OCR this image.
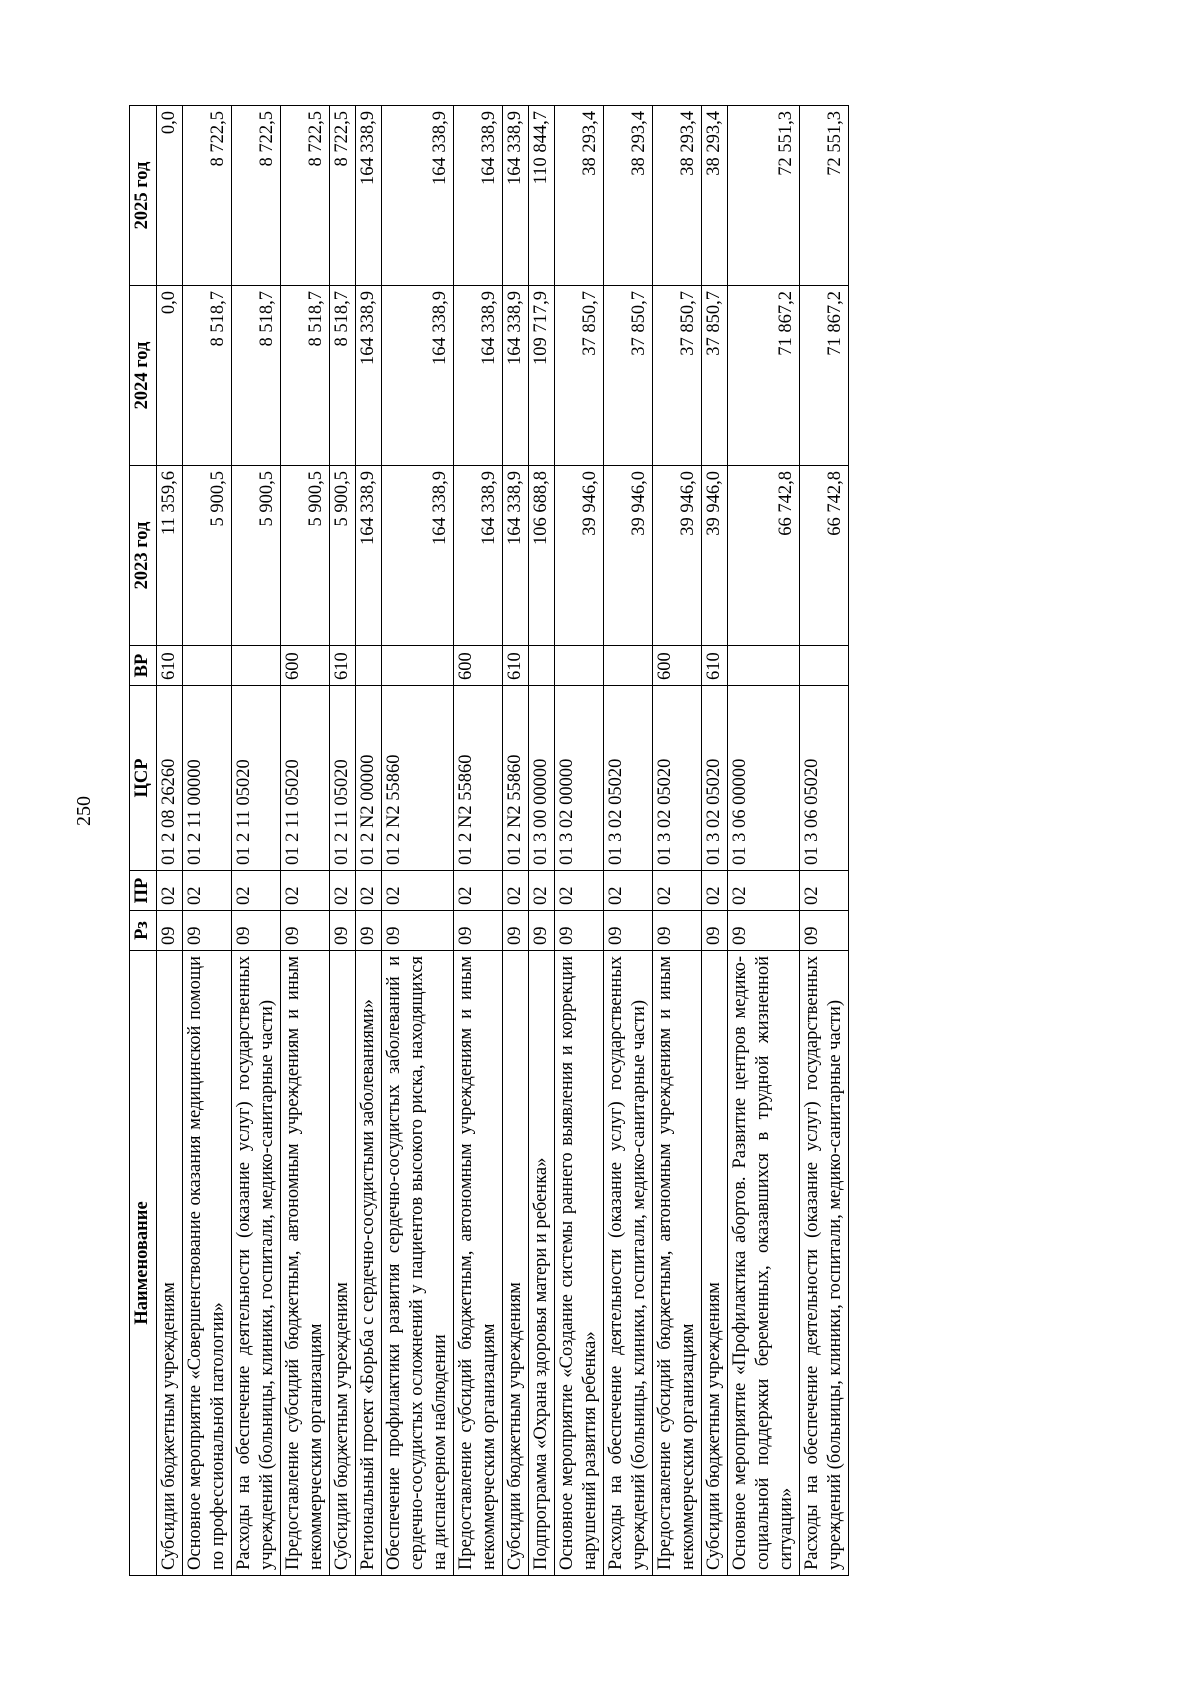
250
Наименование	Рз	ПР	ЦСР	ВР	2023 год	2024 год	2025 год
Субсидии бюджетным учреждениям	09	02	01 2 08 26260	610	11 359,6	0,0	0,0
Основное мероприятие «Совершенствование оказания медицинской помощи по профессиональной патологии»	09	02	01 2 11 00000		5 900,5	8 518,7	8 722,5
Расходы на обеспечение деятельности (оказание услуг) государственных учреждений (больницы, клиники, госпитали, медико-санитарные части)	09	02	01 2 11 05020		5 900,5	8 518,7	8 722,5
Предоставление субсидий бюджетным, автономным учреждениям и иным некоммерческим организациям	09	02	01 2 11 05020	600	5 900,5	8 518,7	8 722,5
Субсидии бюджетным учреждениям	09	02	01 2 11 05020	610	5 900,5	8 518,7	8 722,5
Региональный проект «Борьба с сердечно-сосудистыми заболеваниями»	09	02	01 2 N2 00000		164 338,9	164 338,9	164 338,9
Обеспечение профилактики развития сердечно-сосудистых заболеваний и сердечно-сосудистых осложнений у пациентов высокого риска, находящихся на диспансерном наблюдении	09	02	01 2 N2 55860		164 338,9	164 338,9	164 338,9
Предоставление субсидий бюджетным, автономным учреждениям и иным некоммерческим организациям	09	02	01 2 N2 55860	600	164 338,9	164 338,9	164 338,9
Субсидии бюджетным учреждениям	09	02	01 2 N2 55860	610	164 338,9	164 338,9	164 338,9
Подпрограмма «Охрана здоровья матери и ребенка»	09	02	01 3 00 00000		106 688,8	109 717,9	110 844,7
Основное мероприятие «Создание системы раннего выявления и коррекции нарушений развития ребенка»	09	02	01 3 02 00000		39 946,0	37 850,7	38 293,4
Расходы на обеспечение деятельности (оказание услуг) государственных учреждений (больницы, клиники, госпитали, медико-санитарные части)	09	02	01 3 02 05020		39 946,0	37 850,7	38 293,4
Предоставление субсидий бюджетным, автономным учреждениям и иным некоммерческим организациям	09	02	01 3 02 05020	600	39 946,0	37 850,7	38 293,4
Субсидии бюджетным учреждениям	09	02	01 3 02 05020	610	39 946,0	37 850,7	38 293,4
Основное мероприятие «Профилактика абортов. Развитие центров медико-социальной поддержки беременных, оказавшихся в трудной жизненной ситуации»	09	02	01 3 06 00000		66 742,8	71 867,2	72 551,3
Расходы на обеспечение деятельности (оказание услуг) государственных учреждений (больницы, клиники, госпитали, медико-санитарные части)	09	02	01 3 06 05020		66 742,8	71 867,2	72 551,3
